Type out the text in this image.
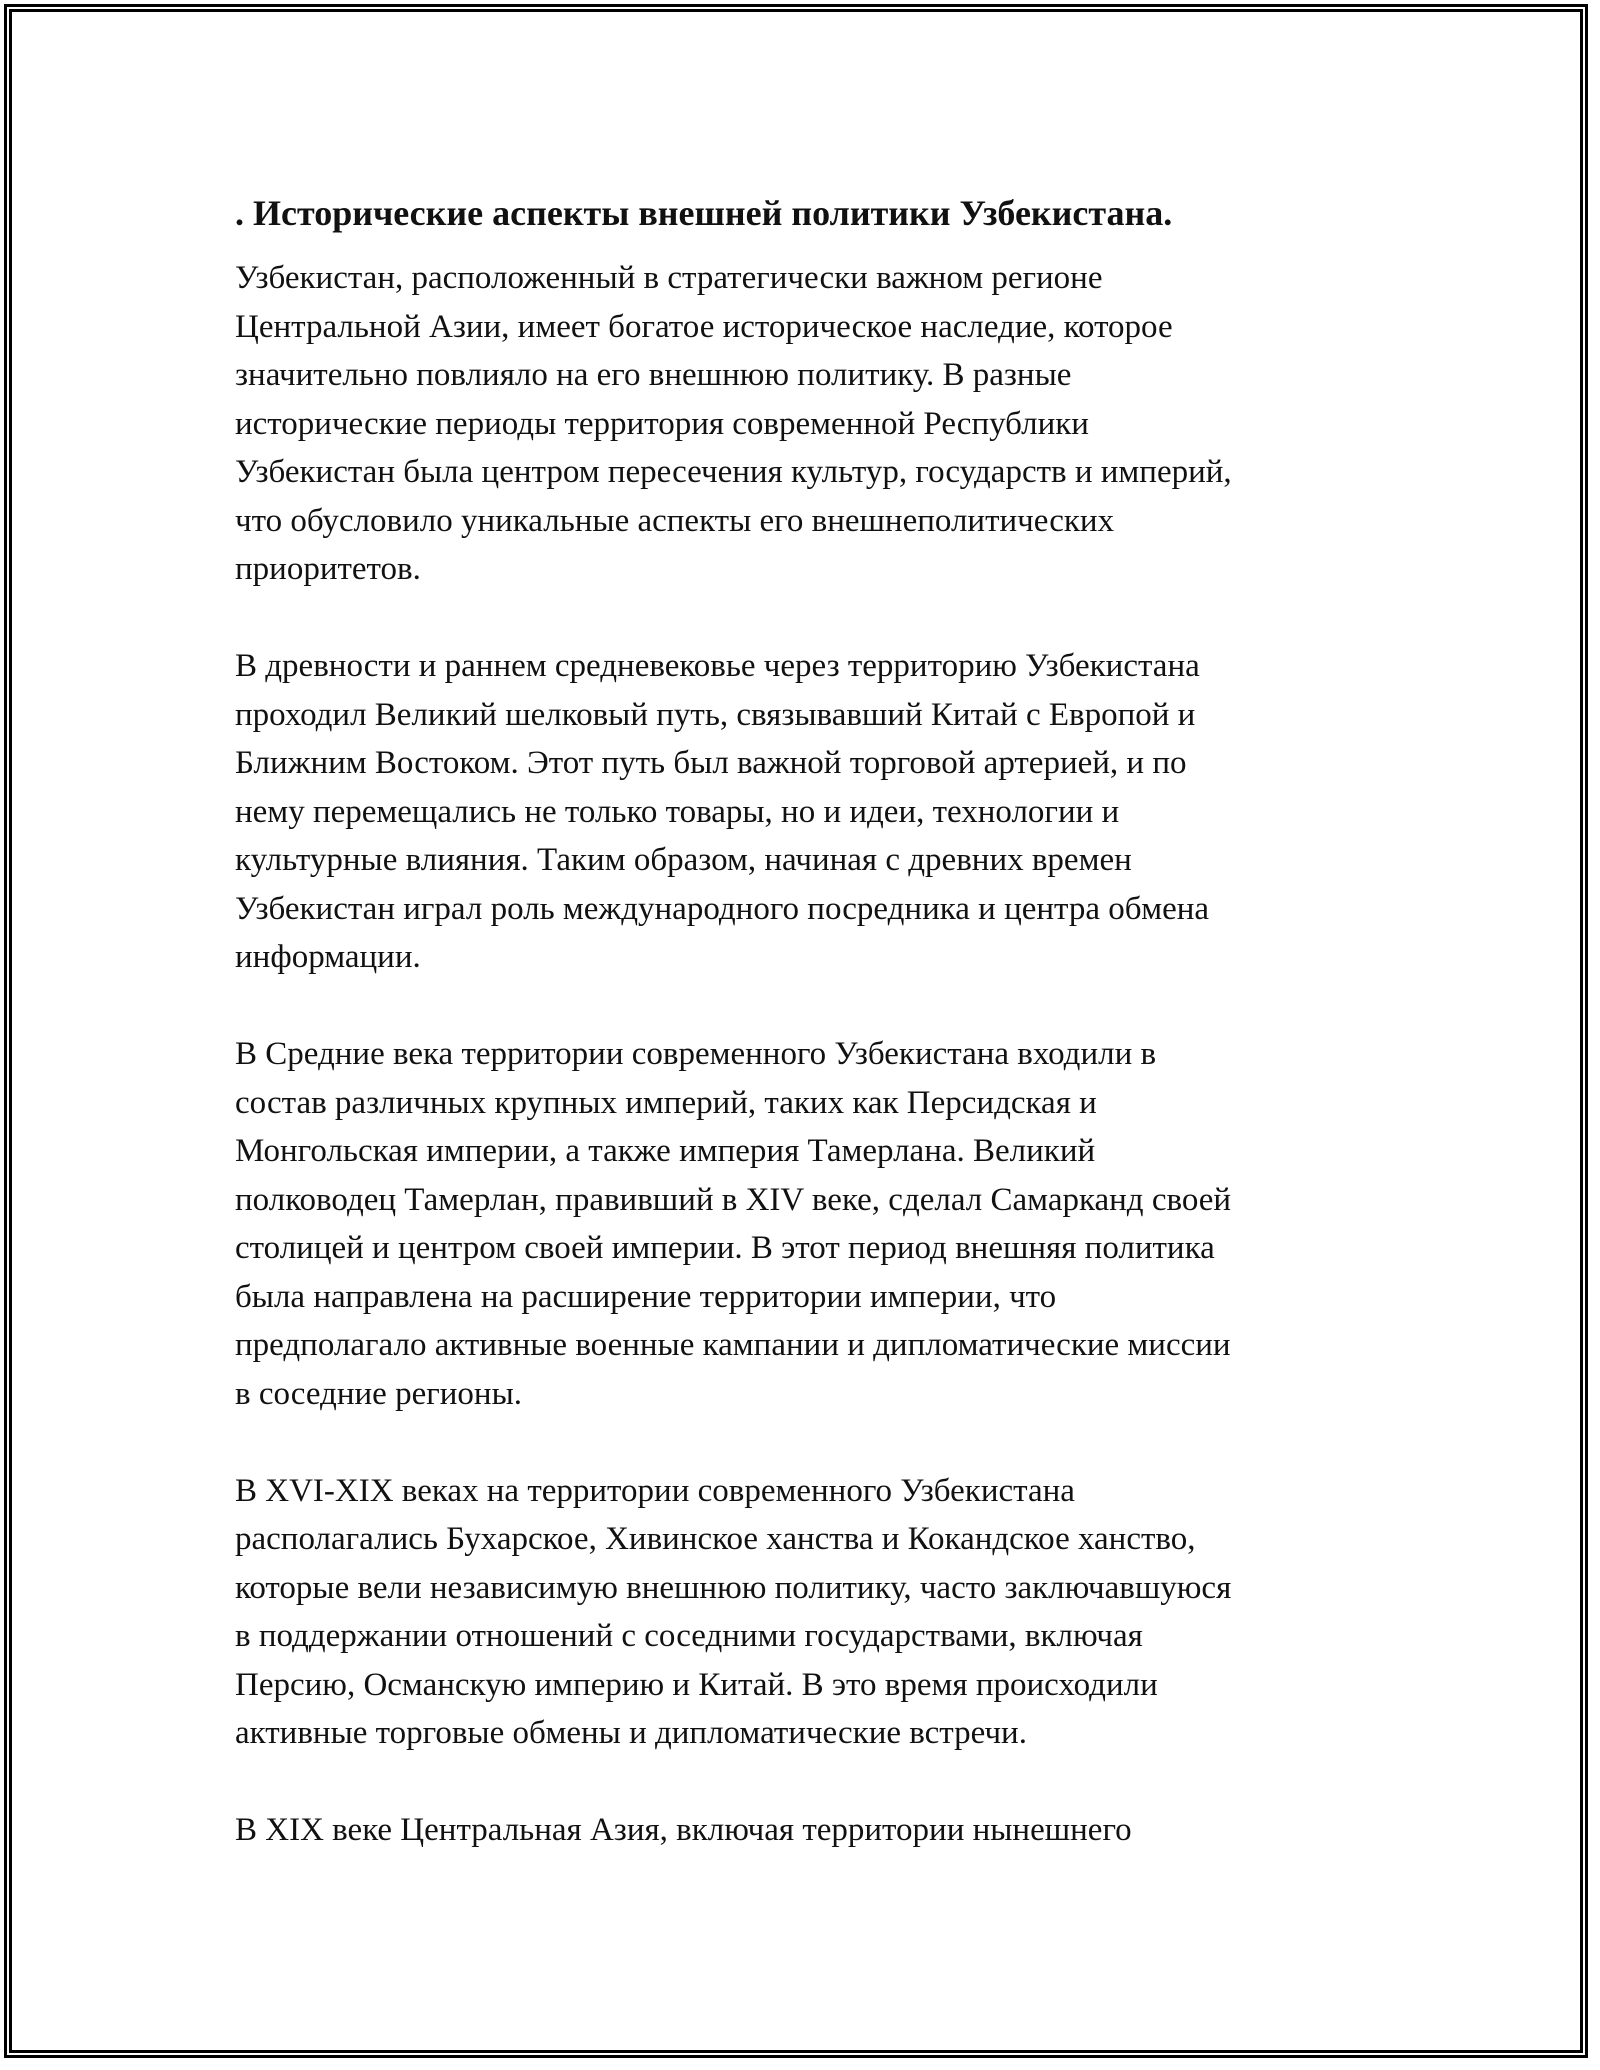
. Исторические аспекты внешней политики Узбекистана.

Узбекистан, расположенный в стратегически важном регионе
Центральной Азии, имеет богатое историческое наследие, которое
значительно повлияло на его внешнюю политику. В разные
исторические периоды территория современной Республики
Узбекистан была центром пересечения культур, государств и империй,
что обусловило уникальные аспекты его внешнеполитических
приоритетов.

В древности и раннем средневековье через территорию Узбекистана
проходил Великий шелковый путь, связывавший Китай с Европой и
Ближним Востоком. Этот путь был важной торговой артерией, и по
нему перемещались не только товары, но и идеи, технологии и
культурные влияния. Таким образом, начиная с древних времен
Узбекистан играл роль международного посредника и центра обмена
информации.

В Средние века территории современного Узбекистана входили в
состав различных крупных империй, таких как Персидская и
Монгольская империи, а также империя Тамерлана. Великий
полководец Тамерлан, правивший в XIV веке, сделал Самарканд своей
столицей и центром своей империи. В этот период внешняя политика
была направлена на расширение территории империи, что
предполагало активные военные кампании и дипломатические миссии
в соседние регионы.

В XVI-XIX веках на территории современного Узбекистана
располагались Бухарское, Хивинское ханства и Кокандское ханство,
которые вели независимую внешнюю политику, часто заключавшуюся
в поддержании отношений с соседними государствами, включая
Персию, Османскую империю и Китай. В это время происходили
активные торговые обмены и дипломатические встречи.

В XIX веке Центральная Азия, включая территории нынешнего
